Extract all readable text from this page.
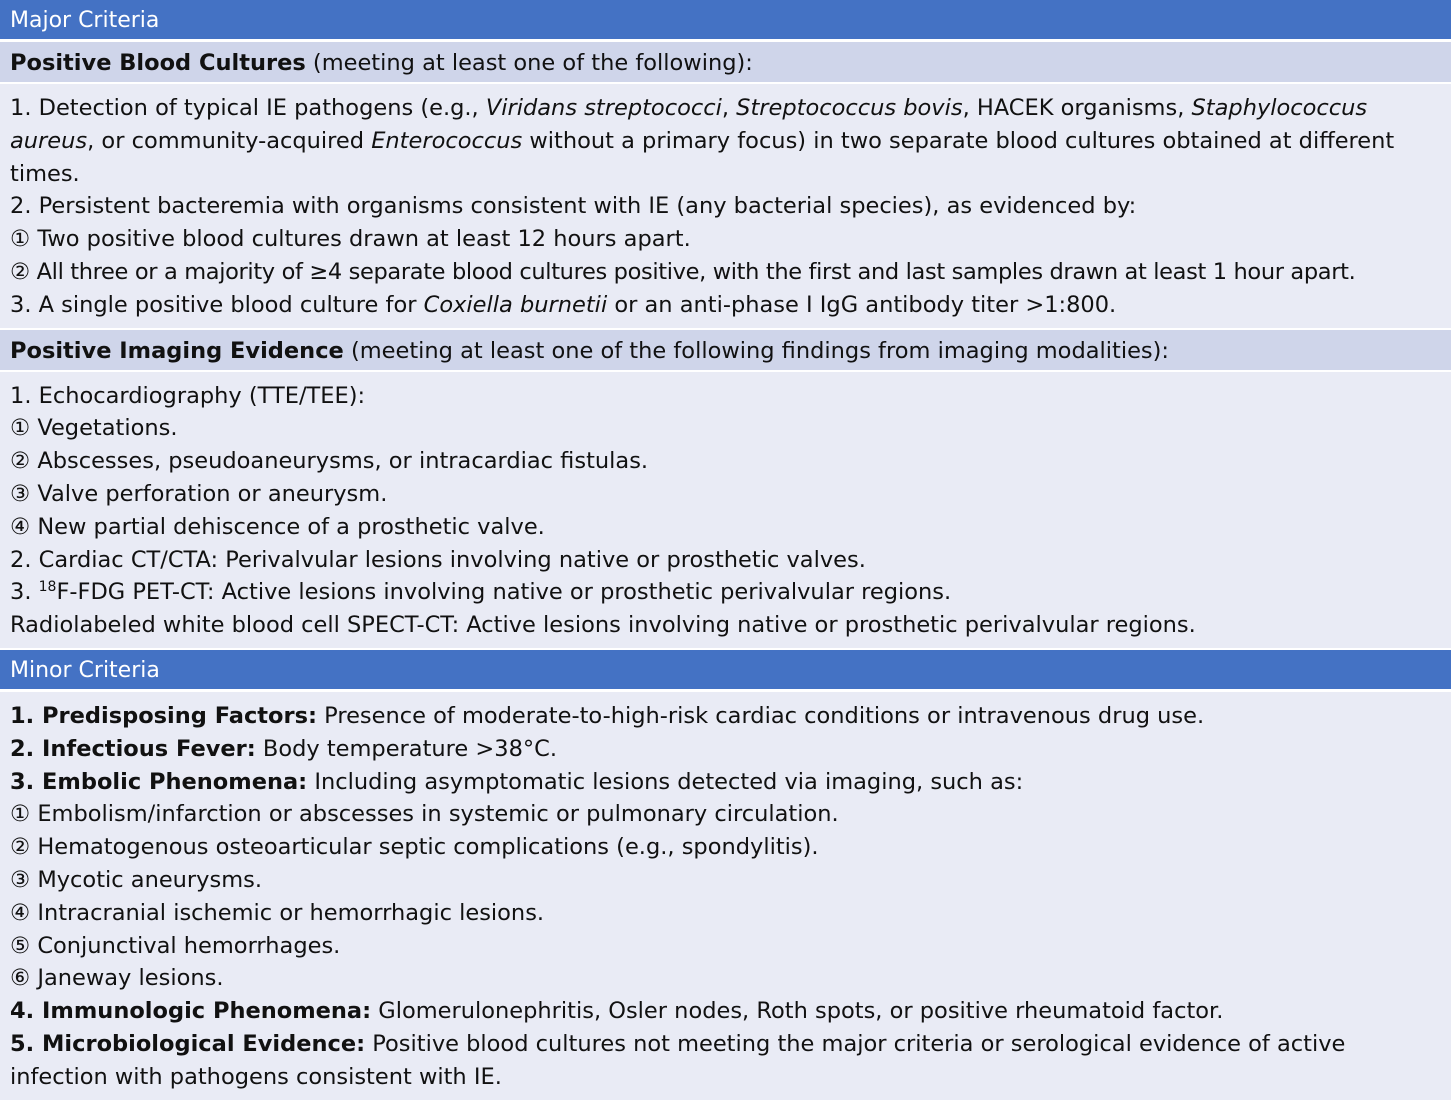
Major Criteria
Positive Blood Cultures (meeting at least one of the following):
1. Detection of typical IE pathogens (e.g., Viridans streptococci, Streptococcus bovis, HACEK organisms, Staphylococcus aureus, or community-acquired Enterococcus without a primary focus) in two separate blood cultures obtained at different times.
2. Persistent bacteremia with organisms consistent with IE (any bacterial species), as evidenced by:
① Two positive blood cultures drawn at least 12 hours apart.
② All three or a majority of ≥4 separate blood cultures positive, with the first and last samples drawn at least 1 hour apart.
3. A single positive blood culture for Coxiella burnetii or an anti-phase I IgG antibody titer >1:800.
Positive Imaging Evidence (meeting at least one of the following findings from imaging modalities):
1. Echocardiography (TTE/TEE):
① Vegetations.
② Abscesses, pseudoaneurysms, or intracardiac fistulas.
③ Valve perforation or aneurysm.
④ New partial dehiscence of a prosthetic valve.
2. Cardiac CT/CTA: Perivalvular lesions involving native or prosthetic valves.
3. $^{18}$F-FDG PET-CT: Active lesions involving native or prosthetic perivalvular regions.
Radiolabeled white blood cell SPECT-CT: Active lesions involving native or prosthetic perivalvular regions.
Minor Criteria
1. Predisposing Factors: Presence of moderate-to-high-risk cardiac conditions or intravenous drug use.
2. Infectious Fever: Body temperature >38°C.
3. Embolic Phenomena: Including asymptomatic lesions detected via imaging, such as:
① Embolism/infarction or abscesses in systemic or pulmonary circulation.
② Hematogenous osteoarticular septic complications (e.g., spondylitis).
③ Mycotic aneurysms.
④ Intracranial ischemic or hemorrhagic lesions.
⑤ Conjunctival hemorrhages.
⑥ Janeway lesions.
4. Immunologic Phenomena: Glomerulonephritis, Osler nodes, Roth spots, or positive rheumatoid factor.
5. Microbiological Evidence: Positive blood cultures not meeting the major criteria or serological evidence of active infection with pathogens consistent with IE.
